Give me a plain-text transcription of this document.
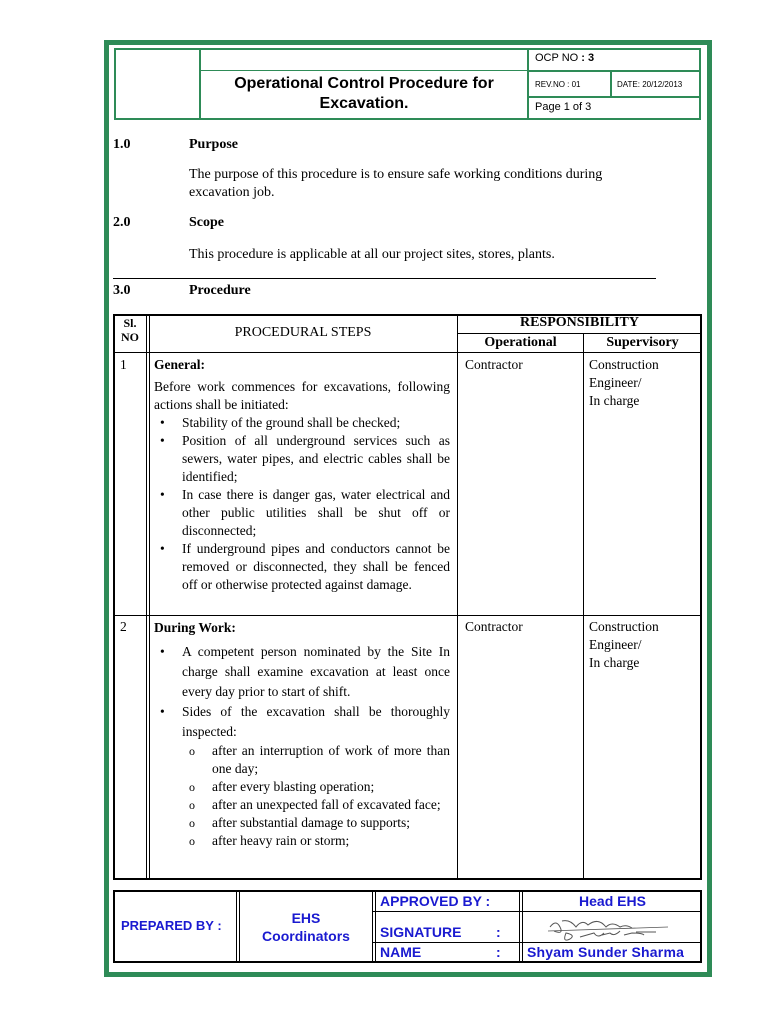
Operational Control Procedure for
Excavation.
OCP NO : 3
REV.NO : 01	DATE: 20/12/2013
Page 1 of 3
1.0	Purpose
The purpose of this procedure is to ensure safe working conditions during excavation job.
2.0	Scope
This procedure is applicable at all our project sites, stores, plants.
3.0	Procedure
Sl.
NO	PROCEDURAL STEPS
RESPONSIBILITY
Operational	Supervisory
1 General:

Before work commences for excavations, following actions shall be initiated:

• Stability of the ground shall be checked;
• Position of all underground services such as sewers, water pipes, and electric cables shall be identified;
• In case there is danger gas, water electrical and other public utilities shall be shut off or disconnected;
• If underground pipes and conductors cannot be removed or disconnected, they shall be fenced off or otherwise protected against damage.
Contractor	Construction
Engineer/
In charge
2 During Work:

• A competent person nominated by the Site In charge shall examine excavation at least once every day prior to start of shift.
• Sides of the excavation shall be thoroughly inspected:
o after an interruption of work of more than one day;
o after every blasting operation;
o after an unexpected fall of excavated face;
o after substantial damage to supports;
o after heavy rain or storm;
Contractor	Construction
Engineer/
In charge
PREPARED BY :	EHS
Coordinators
APPROVED BY :	Head EHS
SIGNATURE :
NAME	: Shyam Sunder Sharma
